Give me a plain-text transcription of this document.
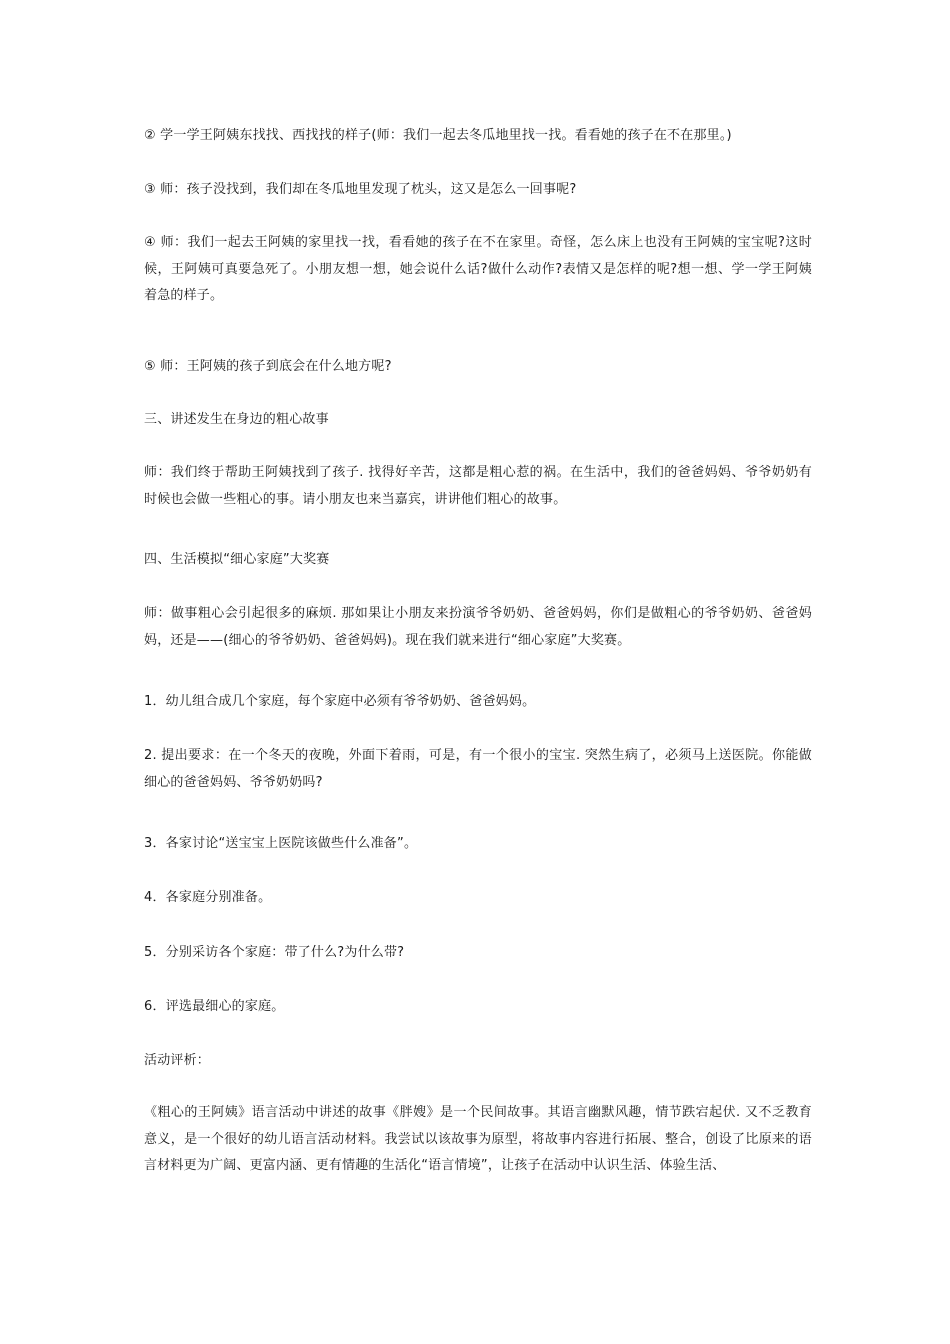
② 学一学王阿姨东找找、西找找的样子(师：我们一起去冬瓜地里找一找。看看她的孩子在不在那里。)

③ 师：孩子没找到，我们却在冬瓜地里发现了枕头，这又是怎么一回事呢?

④ 师：我们一起去王阿姨的家里找一找，看看她的孩子在不在家里。奇怪，怎么床上也没有王阿姨的宝宝呢?这时候，王阿姨可真要急死了。小朋友想一想，她会说什么话?做什么动作?表情又是怎样的呢?想一想、学一学王阿姨着急的样子。

⑤ 师：王阿姨的孩子到底会在什么地方呢?

三、讲述发生在身边的粗心故事

师：我们终于帮助王阿姨找到了孩子. 找得好辛苦，这都是粗心惹的祸。在生活中，我们的爸爸妈妈、爷爷奶奶有时候也会做一些粗心的事。请小朋友也来当嘉宾，讲讲他们粗心的故事。

四、生活模拟“细心家庭”大奖赛

师：做事粗心会引起很多的麻烦. 那如果让小朋友来扮演爷爷奶奶、爸爸妈妈，你们是做粗心的爷爷奶奶、爸爸妈妈，还是——(细心的爷爷奶奶、爸爸妈妈)。现在我们就来进行“细心家庭”大奖赛。

1．幼儿组合成几个家庭，每个家庭中必须有爷爷奶奶、爸爸妈妈。

2. 提出要求：在一个冬天的夜晚，外面下着雨，可是，有一个很小的宝宝. 突然生病了，必须马上送医院。你能做细心的爸爸妈妈、爷爷奶奶吗?

3．各家讨论“送宝宝上医院该做些什么准备”。

4．各家庭分别准备。

5．分别采访各个家庭：带了什么?为什么带?

6．评选最细心的家庭。

活动评析：

《粗心的王阿姨》语言活动中讲述的故事《胖嫂》是一个民间故事。其语言幽默风趣，情节跌宕起伏. 又不乏教育意义，是一个很好的幼儿语言活动材料。我尝试以该故事为原型，将故事内容进行拓展、整合，创设了比原来的语言材料更为广阔、更富内涵、更有情趣的生活化“语言情境”，让孩子在活动中认识生活、体验生活、
